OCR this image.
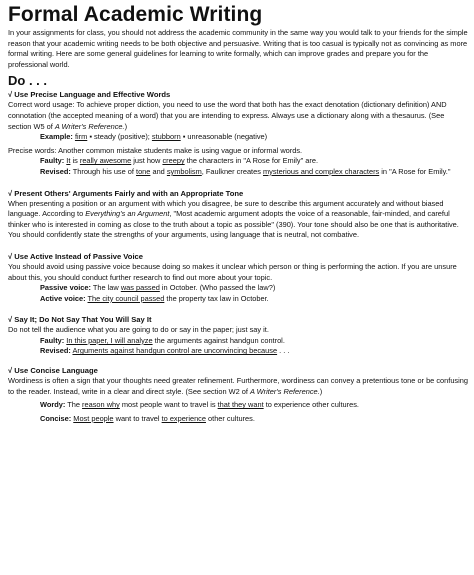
Formal Academic Writing

In your assignments for class, you should not address the academic community in the same way you would talk to your friends for the simple reason that your academic writing needs to be both objective and persuasive. Writing that is too casual is typically not as convincing as more formal writing. Here are some general guidelines for learning to write formally, which can improve grades and prepare you for the professional world.

Do . . .

√ Use Precise Language and Effective Words

Correct word usage: To achieve proper diction, you need to use the word that both has the exact denotation (dictionary definition) AND connotation (the accepted meaning of a word) that you are intending to express. Always use a dictionary along with a thesaurus. (See section W5 of A Writer's Reference.)

Example: firm ▪ steady (positive); stubborn ▪ unreasonable (negative)

Precise words: Another common mistake students make is using vague or informal words.

Faulty: It is really awesome just how creepy the characters in "A Rose for Emily" are.

Revised: Through his use of tone and symbolism, Faulkner creates mysterious and complex characters in "A Rose for Emily."

√ Present Others' Arguments Fairly and with an Appropriate Tone

When presenting a position or an argument with which you disagree, be sure to describe this argument accurately and without biased language. According to Everything's an Argument, "Most academic argument adopts the voice of a reasonable, fair-minded, and careful thinker who is interested in coming as close to the truth about a topic as possible" (390). Your tone should also be one that is authoritative. You should confidently state the strengths of your arguments, using language that is neutral, not combative.

√ Use Active Instead of Passive Voice

You should avoid using passive voice because doing so makes it unclear which person or thing is performing the action. If you are unsure about this, you should conduct further research to find out more about your topic.

Passive voice: The law was passed in October. (Who passed the law?)

Active voice: The city council passed the property tax law in October.

√ Say It; Do Not Say That You Will Say It

Do not tell the audience what you are going to do or say in the paper; just say it.

Faulty: In this paper, I will analyze the arguments against handgun control.

Revised: Arguments against handgun control are unconvincing because . . .

√ Use Concise Language

Wordiness is often a sign that your thoughts need greater refinement. Furthermore, wordiness can convey a pretentious tone or be confusing to the reader. Instead, write in a clear and direct style. (See section W2 of A Writer's Reference.)

Wordy: The reason why most people want to travel is that they want to experience other cultures.

Concise: Most people want to travel to experience other cultures.
